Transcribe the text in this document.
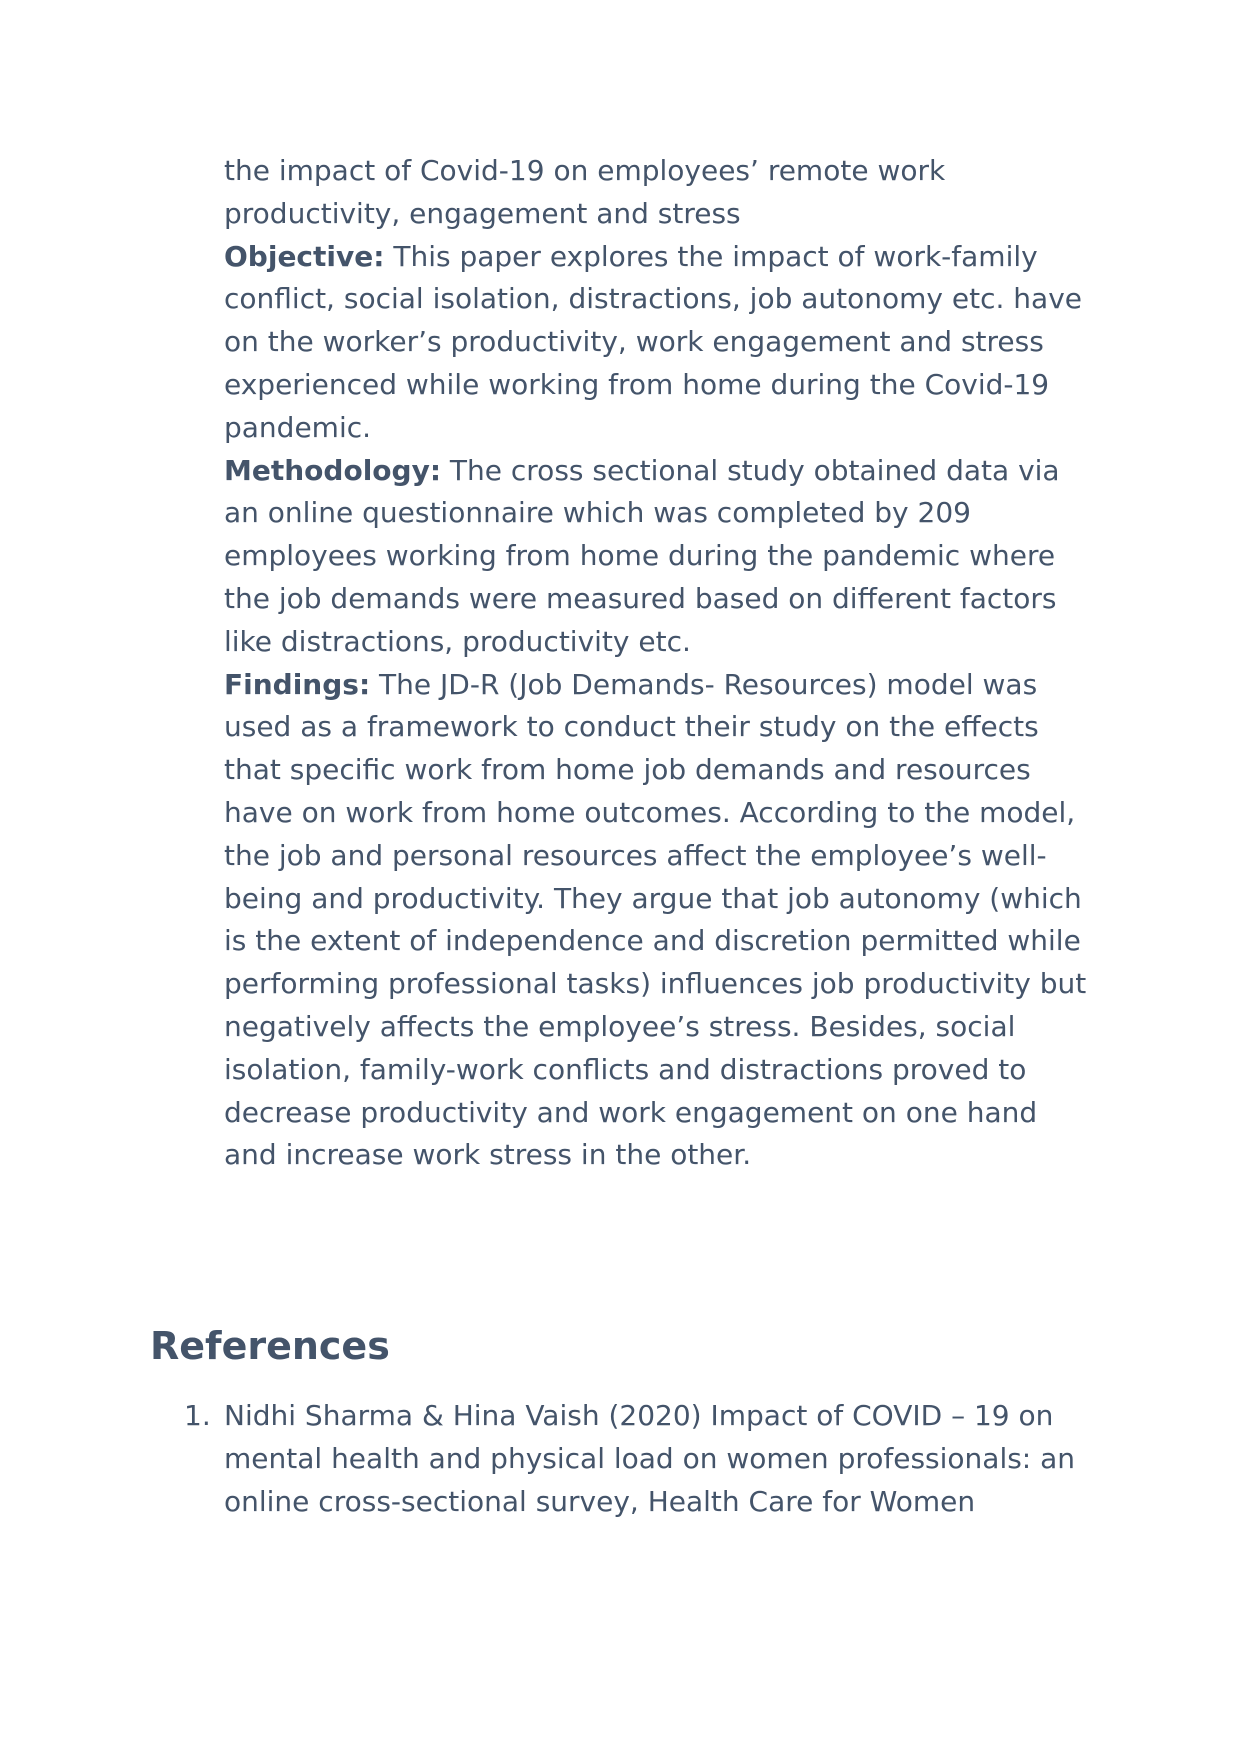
the impact of Covid-19 on employees’ remote work productivity, engagement and stress

Objective: This paper explores the impact of work-family conflict, social isolation, distractions, job autonomy etc. have on the worker’s productivity, work engagement and stress experienced while working from home during the Covid-19 pandemic.

Methodology: The cross sectional study obtained data via an online questionnaire which was completed by 209 employees working from home during the pandemic where the job demands were measured based on different factors like distractions, productivity etc.

Findings: The JD-R (Job Demands- Resources) model was used as a framework to conduct their study on the effects that specific work from home job demands and resources have on work from home outcomes. According to the model, the job and personal resources affect the employee’s well-being and productivity. They argue that job autonomy (which is the extent of independence and discretion permitted while performing professional tasks) influences job productivity but negatively affects the employee’s stress. Besides, social isolation, family-work conflicts and distractions proved to decrease productivity and work engagement on one hand and increase work stress in the other.

References
1. Nidhi Sharma & Hina Vaish (2020) Impact of COVID – 19 on mental health and physical load on women professionals: an online cross-sectional survey, Health Care for Women
